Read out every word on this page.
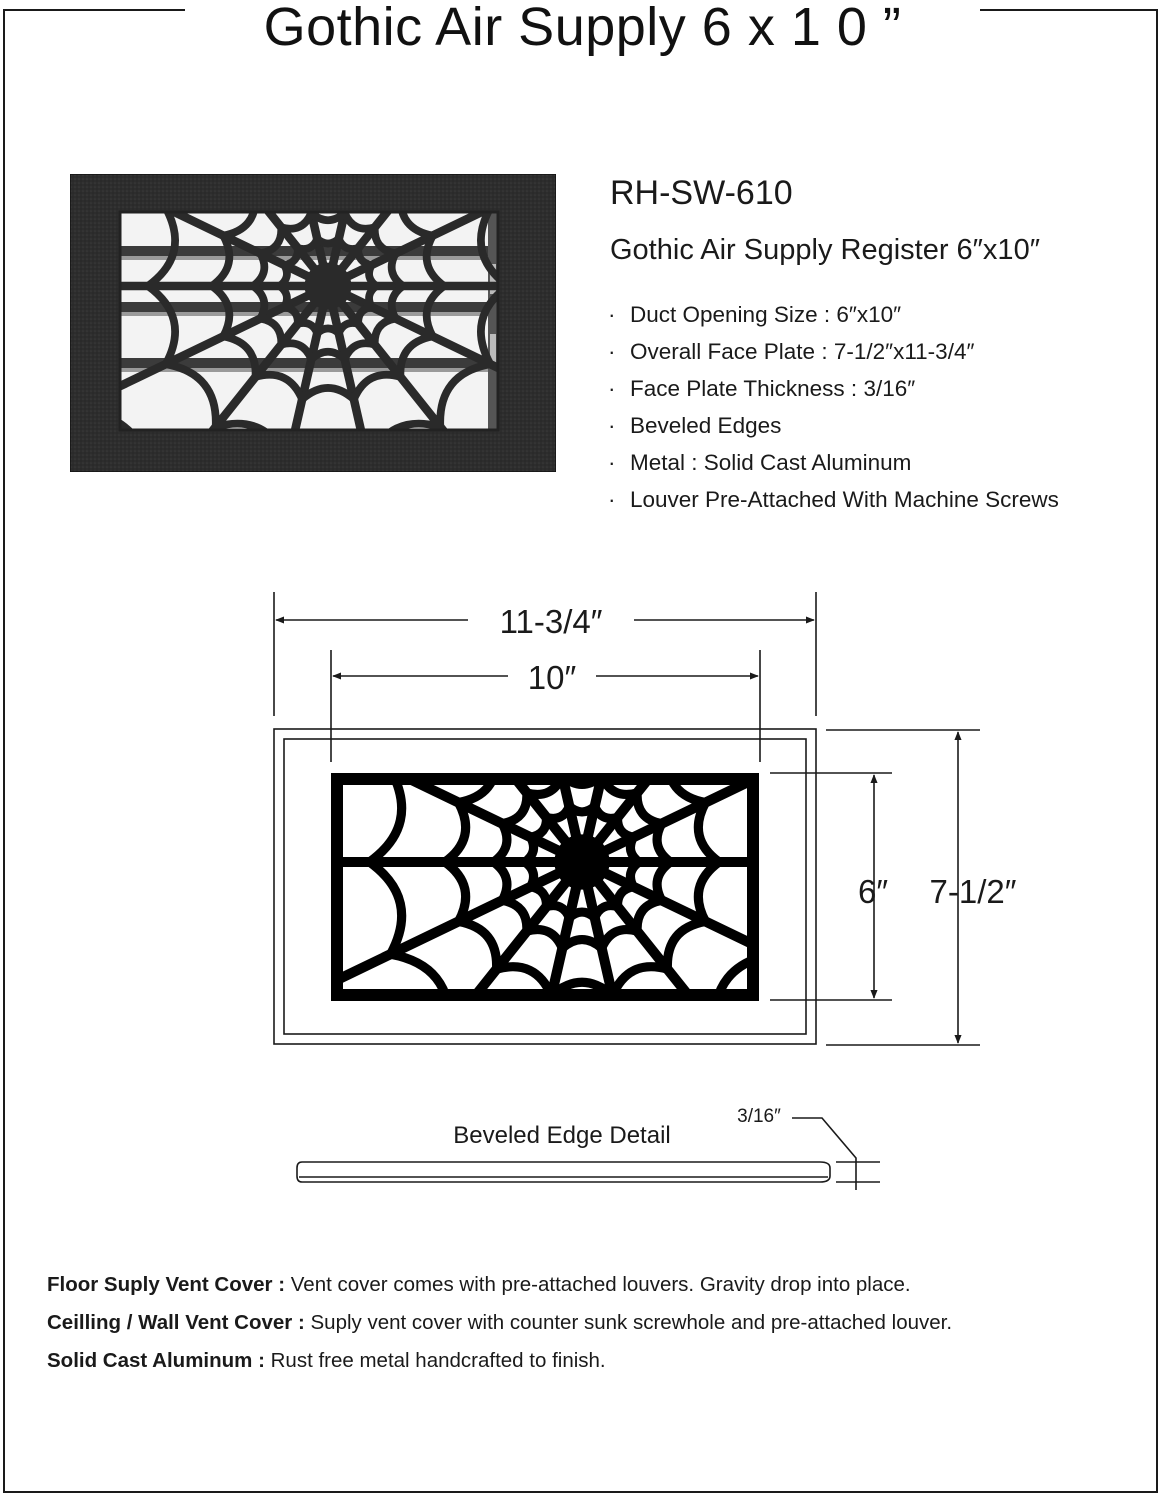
Gothic Air Supply 6 x 1 0 ”
RH-SW-610
Gothic Air Supply Register 6″x10″
· Duct Opening Size : 6″x10″
· Overall Face Plate : 7-1/2″x11-3/4″
· Face Plate Thickness : 3/16″
· Beveled Edges
· Metal : Solid Cast Aluminum
· Louver Pre-Attached With Machine Screws
11-3/4″
10″
6″ 7-1/2″
Beveled Edge Detail
3/16″
Floor Suply Vent Cover : Vent cover comes with pre-attached louvers. Gravity drop into place.
Ceilling / Wall Vent Cover : Suply vent cover with counter sunk screwhole and pre-attached louver.
Solid Cast Aluminum : Rust free metal handcrafted to finish.
